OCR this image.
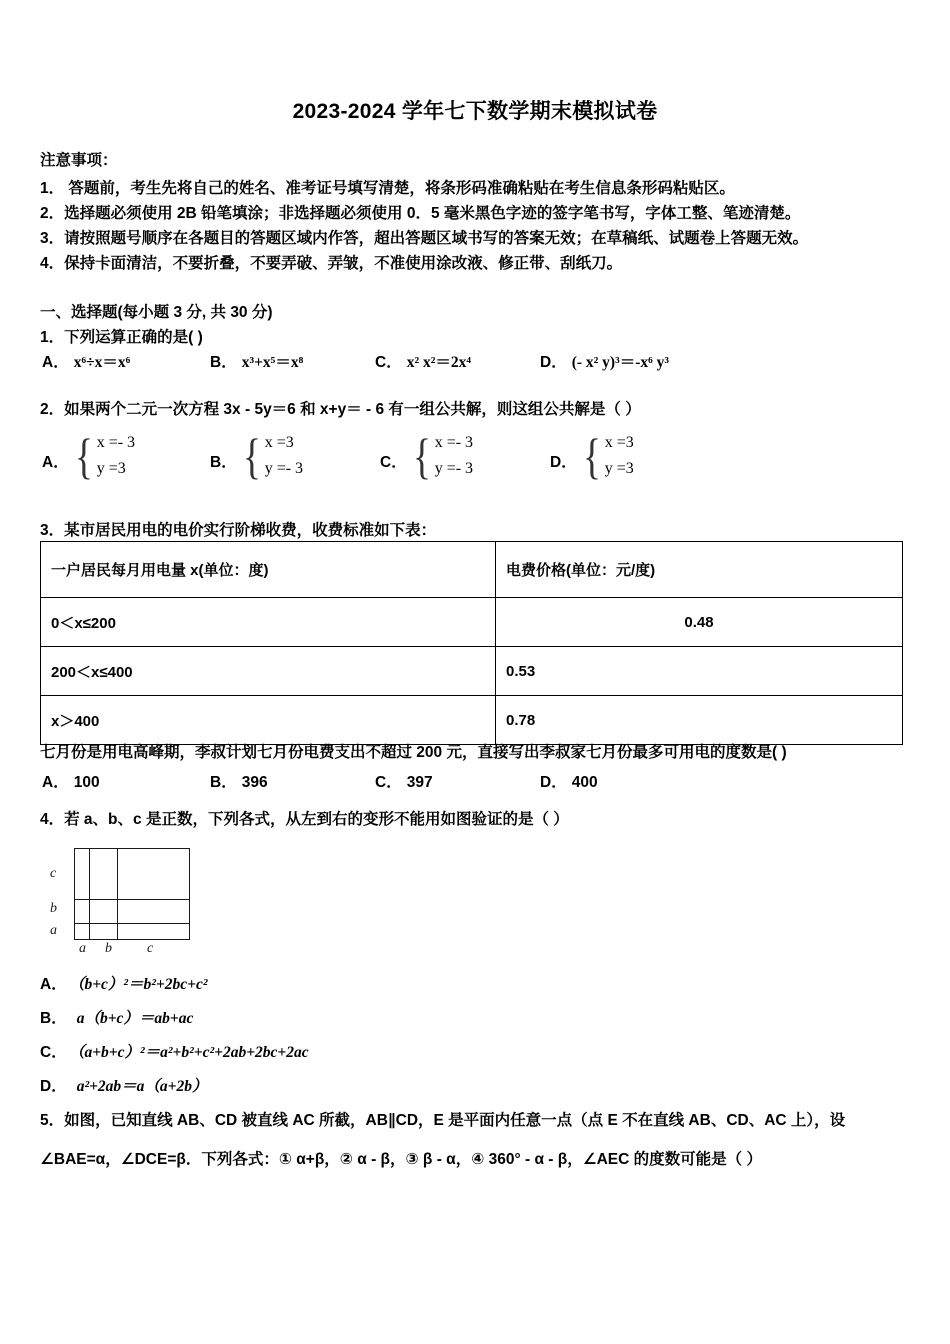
2023-2024 学年七下数学期末模拟试卷
注意事项：
1． 答题前，考生先将自己的姓名、准考证号填写清楚，将条形码准确粘贴在考生信息条形码粘贴区。
2．选择题必须使用 2B 铅笔填涂；非选择题必须使用 0．5 毫米黑色字迹的签字笔书写，字体工整、笔迹清楚。
3．请按照题号顺序在各题目的答题区域内作答，超出答题区域书写的答案无效；在草稿纸、试题卷上答题无效。
4．保持卡面清洁，不要折叠，不要弄破、弄皱，不准使用涂改液、修正带、刮纸刀。
一、选择题(每小题 3 分, 共 30 分)
1．下列运算正确的是( )
A． x⁶÷x＝x⁶	B． x³+x⁵＝x⁸	C． x² x²＝2x⁴	D． (- x² y)³＝-x⁶ y³
2．如果两个二元一次方程 3x - 5y＝6 和 x+y＝ - 6 有一组公共解，则这组公共解是（ ）
A． { x =- 3
y =3	B． { x =3
y =- 3	C． { x =- 3
y =- 3	D． { x =3
y =3
3．某市居民用电的电价实行阶梯收费，收费标准如下表：
一户居民每月用电量 x(单位：度)	电费价格(单位：元/度)
0＜x≤200	0.48
200＜x≤400	0.53
x＞400	0.78
七月份是用电高峰期，李叔计划七月份电费支出不超过 200 元，直接写出李叔家七月份最多可用电的度数是( )
A． 100	B． 396	C． 397	D． 400
4．若 a、b、c 是正数，下列各式，从左到右的变形不能用如图验证的是（ ）
c
b
a
a b	c
A． （b+c）²＝b²+2bc+c²
B． a（b+c）＝ab+ac
C． （a+b+c）²＝a²+b²+c²+2ab+2bc+2ac
D． a²+2ab＝a（a+2b）
5．如图，已知直线 AB、CD 被直线 AC 所截，AB∥CD，E 是平面内任意一点（点 E 不在直线 AB、CD、AC 上），设
∠BAE=α，∠DCE=β．下列各式：① α+β，② α - β，③ β - α，④ 360° - α - β，∠AEC 的度数可能是（ ）
